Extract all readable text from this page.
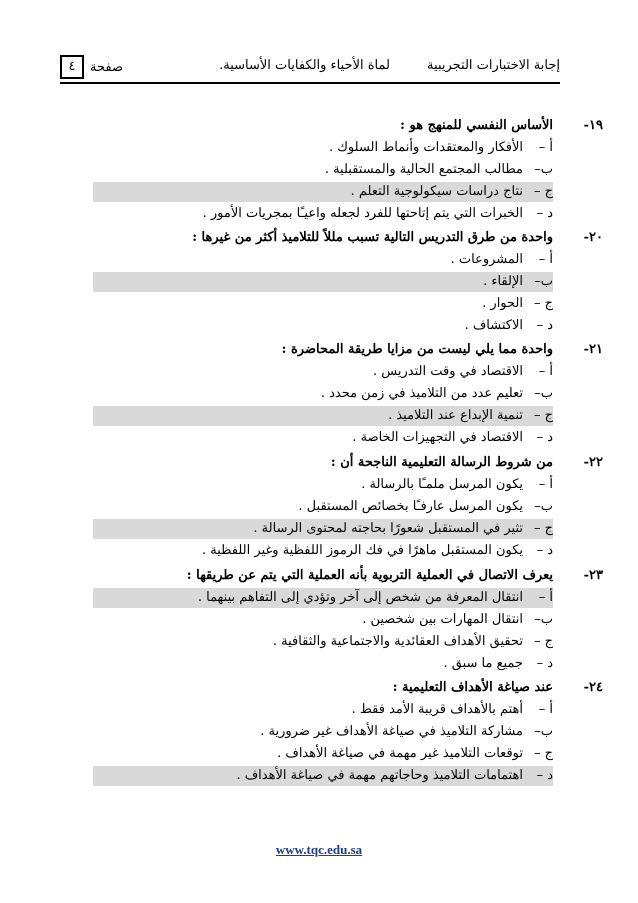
إجابة الاختبارات التجريبية
لماة الأحياء والكفايات الأساسية.
صفحة
٤
١٩-
الأساس النفسي للمنهج هو :
أ –
الأفكار والمعتقدات وأنماط السلوك .
ب–
مطالب المجتمع الحالية والمستقبلية .
ج –
نتاج دراسات سيكولوجية التعلم .
د –
الخبرات التي يتم إتاحتها للفرد لجعله واعيـًا بمجريات الأمور .
٢٠-
واحدة من طرق التدريس التالية تسبب مللاً للتلاميذ أكثر من غيرها :
أ –
المشروعات .
ب–
الإلقاء .
ج –
الحوار .
د –
الاكتشاف .
٢١-
واحدة مما يلي ليست من مزايا طريقة المحاضرة :
أ –
الاقتصاد في وقت التدريس .
ب–
تعليم عدد من التلاميذ في زمن محدد .
ج –
تنمية الإبداع عند التلاميذ .
د –
الاقتصاد في التجهيزات الخاصة .
٢٢-
من شروط الرسالة التعليمية الناجحة أن :
أ –
يكون المرسل ملمـًا بالرسالة .
ب–
يكون المرسل عارفـًا بخصائص المستقبل .
ج –
تثير في المستقبل شعورًا بحاجته لمحتوى الرسالة .
د –
يكون المستقبل ماهرًا في فك الرموز اللفظية وغير اللفظية .
٢٣-
يعرف الاتصال في العملية التربوية بأنه العملية التي يتم عن طريقها :
أ –
انتقال المعرفة من شخص إلى آخر وتؤدي إلى التفاهم بينهما .
ب–
انتقال المهارات بين شخصين .
ج –
تحقيق الأهداف العقائدية والاجتماعية والثقافية .
د –
جميع ما سبق .
٢٤-
عند صياغة الأهداف التعليمية :
أ –
أهتم بالأهداف قريبة الأمد فقط .
ب–
مشاركة التلاميذ في صياغة الأهداف غير ضرورية .
ج –
توقعات التلاميذ غير مهمة في صياغة الأهداف .
د –
اهتمامات التلاميذ وحاجاتهم مهمة في صياغة الأهداف .
www.tqc.edu.sa
